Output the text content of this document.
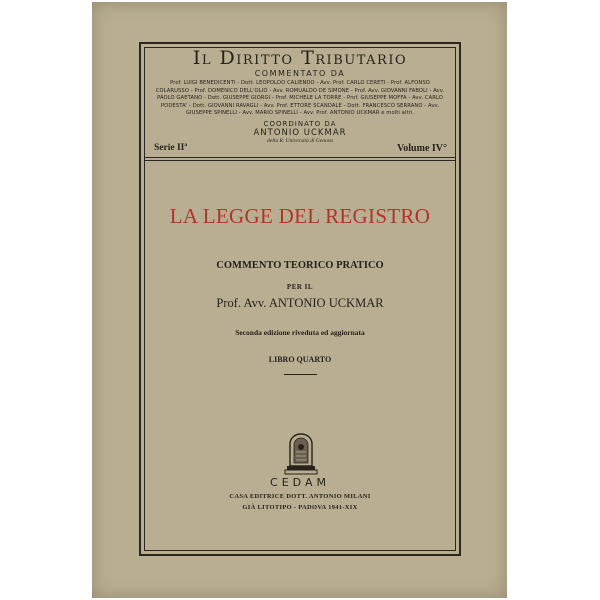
Il Diritto Tributario
COMMENTATO DA
Prof. LUIGI BENEDICENTI - Dott. LEOPOLDO CALIENDO - Avv. Prof. CARLO CERETI - Prof. ALFONSO COLARUSSO - Prof. DOMENICO DELL'OLIO - Avv. ROMUALDO DE SIMONE - Prof. Avv. GIOVANNI FABOLI - Avv. PAOLO GAETANO - Dott. GIUSEPPE GIORGI - Prof. MICHELE LA TORRE - Prof. GIUSEPPE MOFFA - Avv. CARLO PODESTA' - Dott. GIOVANNI RAVAGLI - Avv. Prof. ETTORE SCANDALE - Dott. FRANCESCO SERRANO - Avv. GIUSEPPE SPINELLI - Avv. MARIO SPINELLI - Avv. Prof. ANTONIO UCKMAR e molti altri.
COORDINATO DA
ANTONIO UCKMAR
della R. Università di Genova
Serie IIª	Volume IV°
LA LEGGE DEL REGISTRO
COMMENTO TEORICO PRATICO
PER IL
Prof. Avv. ANTONIO UCKMAR
Seconda edizione riveduta ed aggiornata
LIBRO QUARTO
CEDAM
CASA EDITRICE DOTT. ANTONIO MILANI
GIÀ LITOTIPO - PADOVA 1941-XIX
